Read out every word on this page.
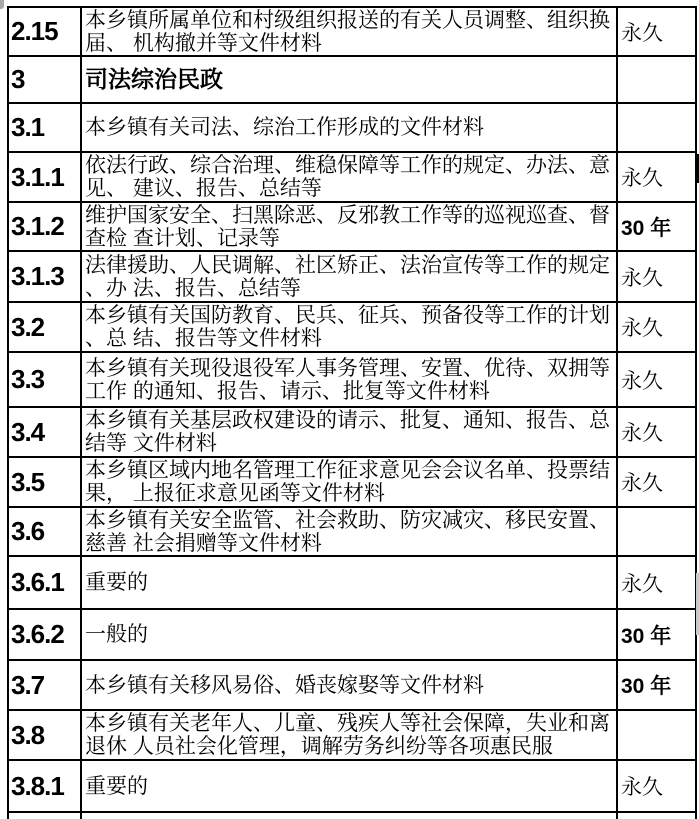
2.15	本乡镇所属单位和村级组织报送的有关人员调整、组织换届、 机构撤并等文件材料	永久
3	司法综治民政	
3.1	本乡镇有关司法、综治工作形成的文件材料	
3.1.1	依法行政、综合治理、维稳保障等工作的规定、办法、意见、 建议、报告、总结等	永久
3.1.2	维护国家安全、扫黑除恶、反邪教工作等的巡视巡查、督查检 查计划、记录等	30 年
3.1.3	法律援助、人民调解、社区矫正、法治宣传等工作的规定、办 法、报告、总结等	永久
3.2	本乡镇有关国防教育、民兵、征兵、预备役等工作的计划、总 结、报告等文件材料	永久
3.3	本乡镇有关现役退役军人事务管理、安置、优待、双拥等工作 的通知、报告、请示、批复等文件材料	永久
3.4	本乡镇有关基层政权建设的请示、批复、通知、报告、总结等 文件材料	永久
3.5	本乡镇区域内地名管理工作征求意见会会议名单、投票结果， 上报征求意见函等文件材料	永久
3.6	本乡镇有关安全监管、社会救助、防灾减灾、移民安置、慈善 社会捐赠等文件材料	
3.6.1	重要的	永久
3.6.2	一般的	30 年
3.7	本乡镇有关移风易俗、婚丧嫁娶等文件材料	30 年
3.8	本乡镇有关老年人、儿童、残疾人等社会保障，失业和离退休 人员社会化管理，调解劳务纠纷等各项惠民服	
3.8.1	重要的	永久
